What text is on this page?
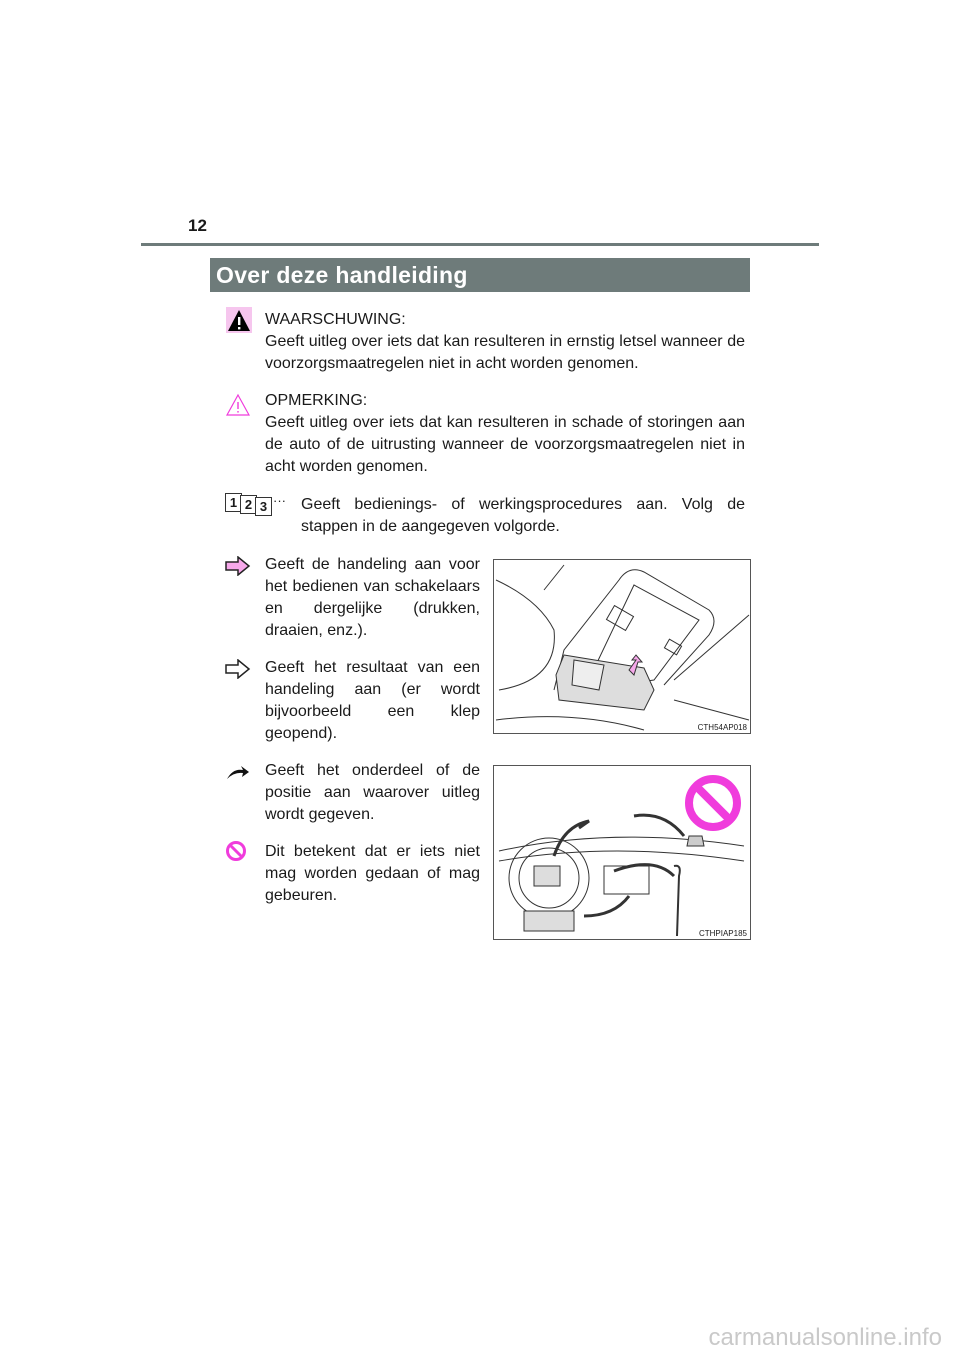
12
Over deze handleiding
WAARSCHUWING:
Geeft uitleg over iets dat kan resulteren in ernstig letsel wanneer de voorzorgsmaatregelen niet in acht worden genomen.
OPMERKING:
Geeft uitleg over iets dat kan resulteren in schade of storingen aan de auto of de uitrusting wanneer de voorzorgsmaatregelen niet in acht worden genomen.
1 2 3 ··· Geeft bedienings- of werkingsprocedures aan. Volg de stappen in de aangegeven volgorde.
Geeft de handeling aan voor het bedienen van schakelaars en dergelijke (drukken, draaien, enz.).
Geeft het resultaat van een handeling aan (er wordt bijvoorbeeld een klep geopend).
Geeft het onderdeel of de positie aan waarover uitleg wordt gegeven.
Dit betekent dat er iets niet mag worden gedaan of mag gebeuren.
CTH54AP018
CTHPIAP185
carmanualsonline.info
